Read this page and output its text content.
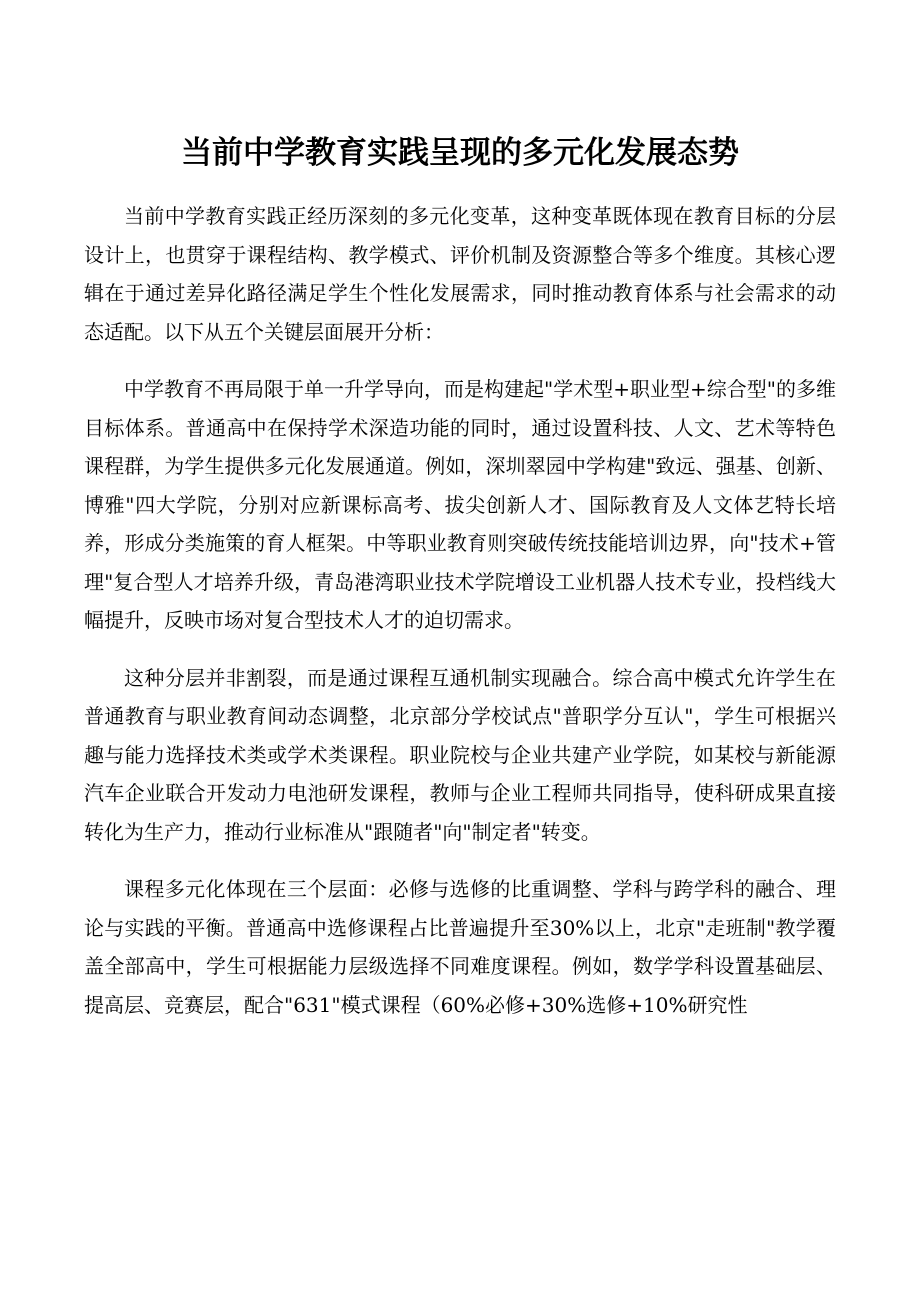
当前中学教育实践呈现的多元化发展态势

当前中学教育实践正经历深刻的多元化变革，这种变革既体现在教育目标的分层设计上，也贯穿于课程结构、教学模式、评价机制及资源整合等多个维度。其核心逻辑在于通过差异化路径满足学生个性化发展需求，同时推动教育体系与社会需求的动态适配。以下从五个关键层面展开分析：

中学教育不再局限于单一升学导向，而是构建起"学术型+职业型+综合型"的多维目标体系。普通高中在保持学术深造功能的同时，通过设置科技、人文、艺术等特色课程群，为学生提供多元化发展通道。例如，深圳翠园中学构建"致远、强基、创新、博雅"四大学院，分别对应新课标高考、拔尖创新人才、国际教育及人文体艺特长培养，形成分类施策的育人框架。中等职业教育则突破传统技能培训边界，向"技术+管理"复合型人才培养升级，青岛港湾职业技术学院增设工业机器人技术专业，投档线大幅提升，反映市场对复合型技术人才的迫切需求。

这种分层并非割裂，而是通过课程互通机制实现融合。综合高中模式允许学生在普通教育与职业教育间动态调整，北京部分学校试点"普职学分互认"，学生可根据兴趣与能力选择技术类或学术类课程。职业院校与企业共建产业学院，如某校与新能源汽车企业联合开发动力电池研发课程，教师与企业工程师共同指导，使科研成果直接转化为生产力，推动行业标准从"跟随者"向"制定者"转变。

课程多元化体现在三个层面：必修与选修的比重调整、学科与跨学科的融合、理论与实践的平衡。普通高中选修课程占比普遍提升至30%以上，北京"走班制"教学覆盖全部高中，学生可根据能力层级选择不同难度课程。例如，数学学科设置基础层、提高层、竞赛层，配合"631"模式课程（60%必修+30%选修+10%研究性
